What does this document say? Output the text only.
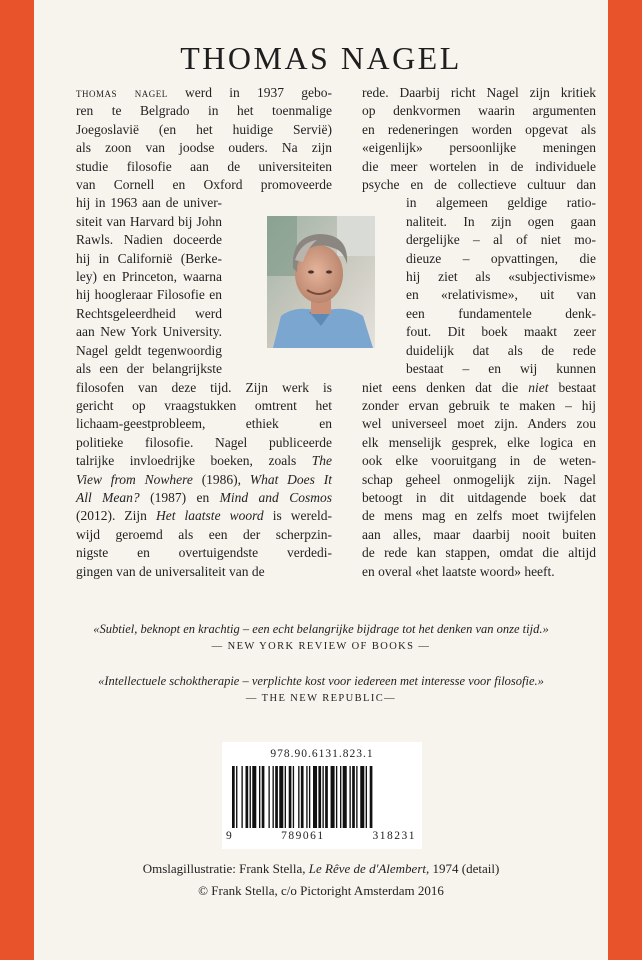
THOMAS NAGEL
thomas nagel werd in 1937 gebo-
ren te Belgrado in het toenmalige
Joegoslavië (en het huidige Servië)
als zoon van joodse ouders. Na zijn
studie filosofie aan de universiteiten
van Cornell en Oxford promoveerde
hij in 1963 aan de univer-
siteit van Harvard bij John
Rawls. Nadien doceerde
hij in Californië (Berke-
ley) en Princeton, waarna
hij hoogleraar Filosofie en
Rechtsgeleerdheid werd
aan New York University.
Nagel geldt tegenwoordig
als een der belangrijkste
filosofen van deze tijd. Zijn werk is
gericht op vraagstukken omtrent het
lichaam-geestprobleem, ethiek en
politieke filosofie. Nagel publiceerde
talrijke invloedrijke boeken, zoals The
View from Nowhere (1986), What Does It
All Mean? (1987) en Mind and Cosmos
(2012). Zijn Het laatste woord is wereld-
wijd geroemd als een der scherpzin-
nigste en overtuigendste verdedi-
gingen van de universaliteit van de
rede. Daarbij richt Nagel zijn kritiek
op denkvormen waarin argumenten
en redeneringen worden opgevat als
«eigenlijk» persoonlijke meningen
die meer wortelen in de individuele
psyche en de collectieve cultuur dan
in algemeen geldige ratio-
naliteit. In zijn ogen gaan
dergelijke – al of niet mo-
dieuze – opvattingen, die
hij ziet als «subjectivisme»
en «relativisme», uit van
een fundamentele denk-
fout. Dit boek maakt zeer
duidelijk dat als de rede
bestaat – en wij kunnen
niet eens denken dat die niet bestaat
zonder ervan gebruik te maken – hij
wel universeel moet zijn. Anders zou
elk menselijk gesprek, elke logica en
ook elke vooruitgang in de weten-
schap geheel onmogelijk zijn. Nagel
betoogt in dit uitdagende boek dat
de mens mag en zelfs moet twijfelen
aan alles, maar daarbij nooit buiten
de rede kan stappen, omdat die altijd
en overal «het laatste woord» heeft.

«Subtiel, beknopt en krachtig – een echt belangrijke bijdrage tot het denken van onze tijd.»

— NEW YORK REVIEW OF BOOKS —

«Intellectuele schoktherapie – verplichte kost voor iedereen met interesse voor filosofie.»

— THE NEW REPUBLIC—

978.90.6131.823.1
9	789061	318231
Omslagillustratie: Frank Stella, Le Rêve de d'Alembert, 1974 (detail)
© Frank Stella, c/o Pictoright Amsterdam 2016
